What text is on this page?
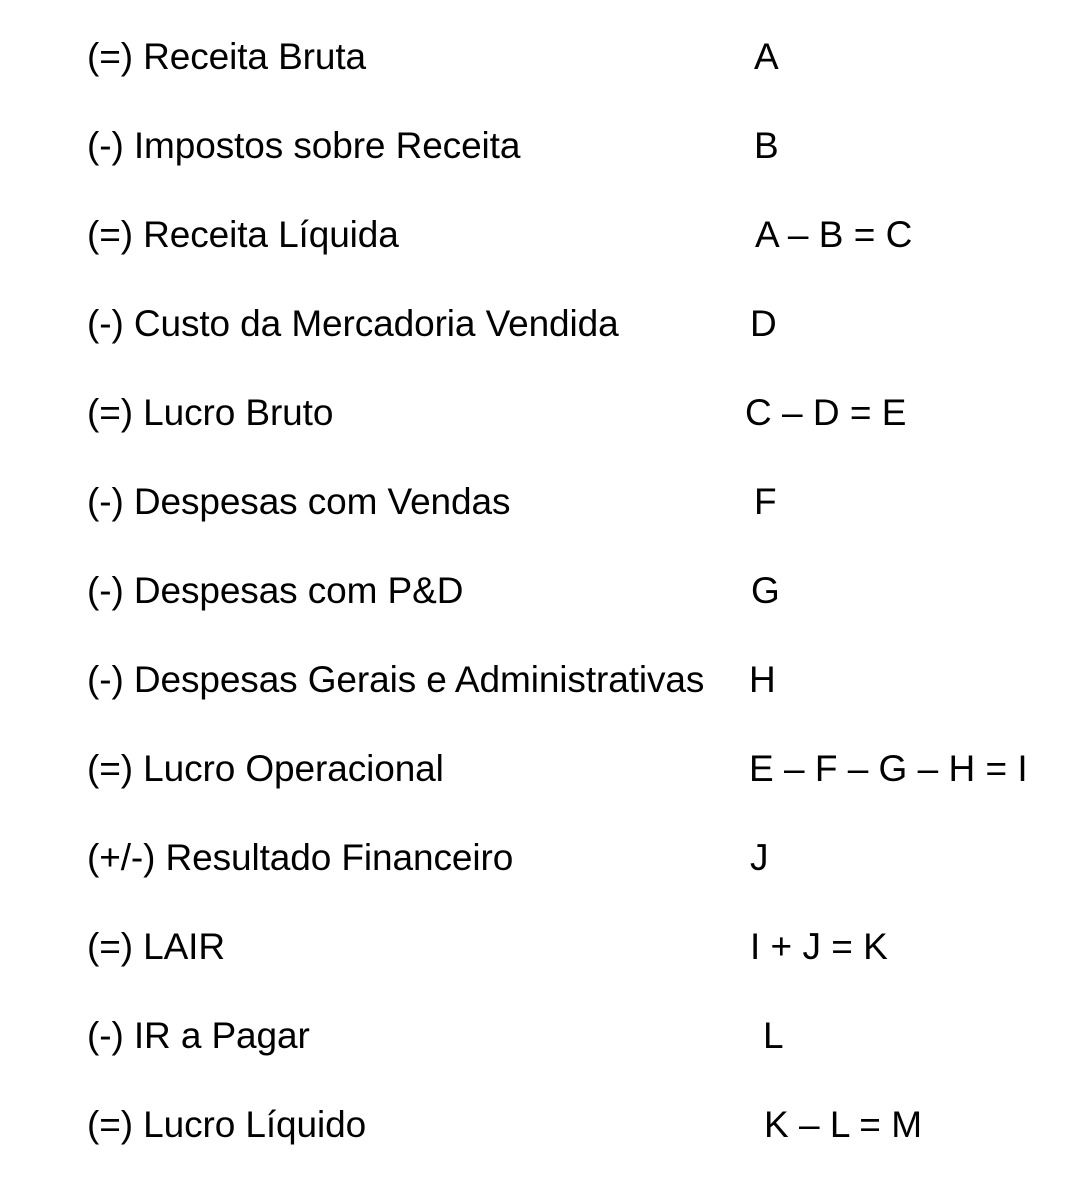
(=) Receita Bruta	A
(-) Impostos sobre Receita	B
(=) Receita Líquida	A – B = C
(-) Custo da Mercadoria Vendida	D
(=) Lucro Bruto	C – D = E
(-) Despesas com Vendas	F
(-) Despesas com P&D	G
(-) Despesas Gerais e Administrativas H
(=) Lucro Operacional	E – F – G – H = I
(+/-) Resultado Financeiro	J
(=) LAIR	I + J = K
(-) IR a Pagar	L
(=) Lucro Líquido	K – L = M
